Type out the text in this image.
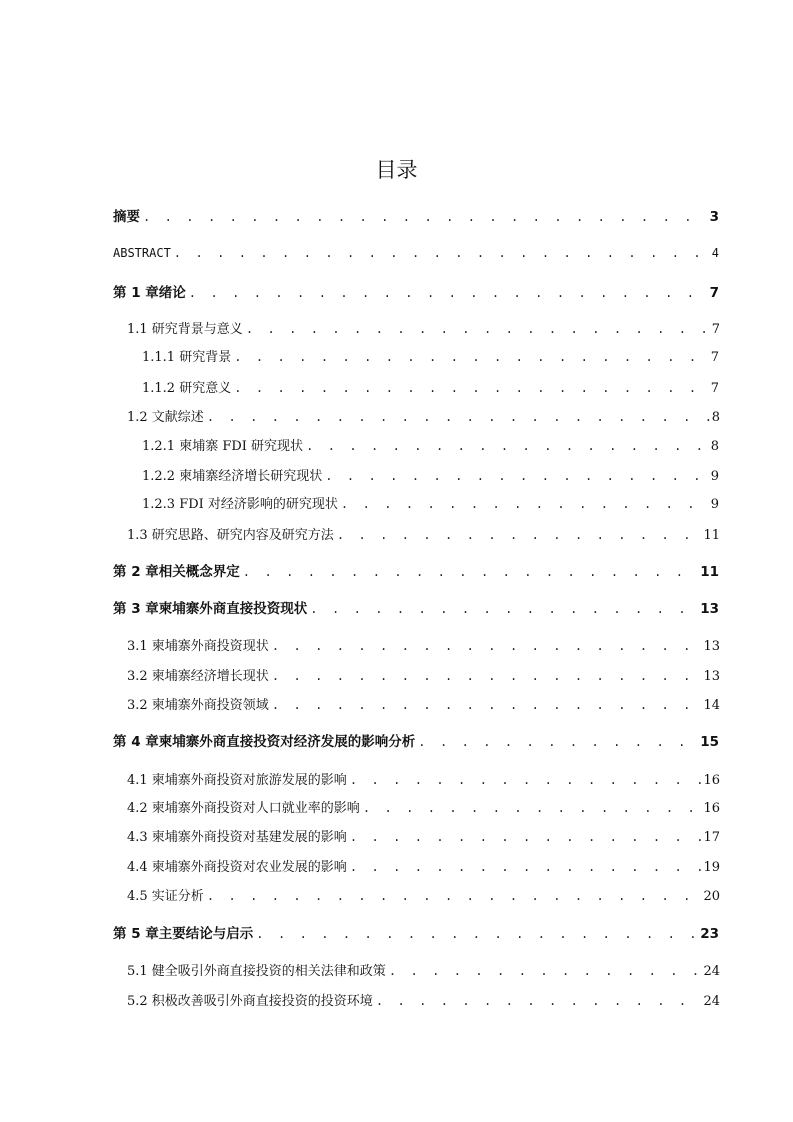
目录
摘要 . . .	3
ABSTRACT . . .	4
第 1 章绪论 . . .	7
1.1 研究背景与意义 . . .	7
1.1.1 研究背景 . . .	7
1.1.2 研究意义 . . .	7
1.2 文献综述 . . .	8
1.2.1 柬埔寨 FDI 研究现状 . . .	8
1.2.2 柬埔寨经济增长研究现状 . . .	9
1.2.3 FDI 对经济影响的研究现状 . . .	9
1.3 研究思路、研究内容及研究方法 . . .	11
第 2 章相关概念界定 . . .	11
第 3 章柬埔寨外商直接投资现状 . . .	13
3.1 柬埔寨外商投资现状 . . .	13
3.2 柬埔寨经济增长现状 . . .	13
3.2 柬埔寨外商投资领域 . . .	14
第 4 章柬埔寨外商直接投资对经济发展的影响分析 . . .	15
4.1 柬埔寨外商投资对旅游发展的影响 . . .	16
4.2 柬埔寨外商投资对人口就业率的影响 . . .	16
4.3 柬埔寨外商投资对基建发展的影响 . . .	17
4.4 柬埔寨外商投资对农业发展的影响 . . .	19
4.5 实证分析 . . .	20
第 5 章主要结论与启示 . . .	23
5.1 健全吸引外商直接投资的相关法律和政策 . . .	24
5.2 积极改善吸引外商直接投资的投资环境 . . .	24
